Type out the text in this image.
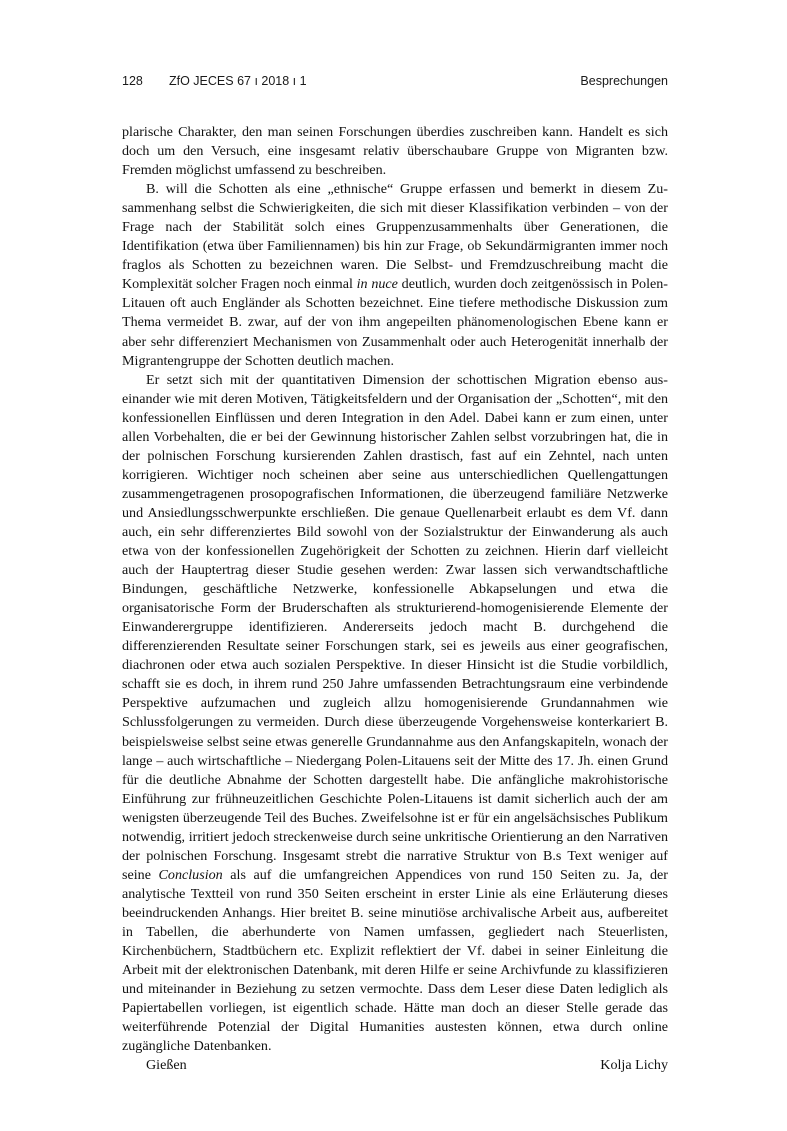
128 ZfO JECES 67 ı 2018 ı 1	Besprechungen

plarische Charakter, den man seinen Forschungen überdies zuschreiben kann. Handelt es sich doch um den Versuch, eine insgesamt relativ überschaubare Gruppe von Migranten bzw. Fremden möglichst umfassend zu beschreiben.

B. will die Schotten als eine „ethnische“ Gruppe erfassen und bemerkt in diesem Zusammenhang selbst die Schwierigkeiten, die sich mit dieser Klassifikation verbinden – von der Frage nach der Stabilität solch eines Gruppenzusammenhalts über Generationen, die Identifikation (etwa über Familiennamen) bis hin zur Frage, ob Sekundärmigranten immer noch fraglos als Schotten zu bezeichnen waren. Die Selbst- und Fremdzuschreibung macht die Komplexität solcher Fragen noch einmal in nuce deutlich, wurden doch zeitgenössisch in Polen-Litauen oft auch Engländer als Schotten bezeichnet. Eine tiefere methodische Diskussion zum Thema vermeidet B. zwar, auf der von ihm angepeilten phänomenologischen Ebene kann er aber sehr differenziert Mechanismen von Zusammenhalt oder auch Heterogenität innerhalb der Migrantengruppe der Schotten deutlich machen.

Er setzt sich mit der quantitativen Dimension der schottischen Migration ebenso auseinander wie mit deren Motiven, Tätigkeitsfeldern und der Organisation der „Schotten“, mit den konfessionellen Einflüssen und deren Integration in den Adel. Dabei kann er zum einen, unter allen Vorbehalten, die er bei der Gewinnung historischer Zahlen selbst vorzubringen hat, die in der polnischen Forschung kursierenden Zahlen drastisch, fast auf ein Zehntel, nach unten korrigieren. Wichtiger noch scheinen aber seine aus unterschiedlichen Quellengattungen zusammengetragenen prosopografischen Informationen, die überzeugend familiäre Netzwerke und Ansiedlungsschwerpunkte erschließen. Die genaue Quellenarbeit erlaubt es dem Vf. dann auch, ein sehr differenziertes Bild sowohl von der Sozialstruktur der Einwanderung als auch etwa von der konfessionellen Zugehörigkeit der Schotten zu zeichnen. Hierin darf vielleicht auch der Hauptertrag dieser Studie gesehen werden: Zwar lassen sich verwandtschaftliche Bindungen, geschäftliche Netzwerke, konfessionelle Abkapselungen und etwa die organisatorische Form der Bruderschaften als strukturierend-homogenisierende Elemente der Einwanderergruppe identifizieren. Andererseits jedoch macht B. durchgehend die differenzierenden Resultate seiner Forschungen stark, sei es jeweils aus einer geografischen, diachronen oder etwa auch sozialen Perspektive. In dieser Hinsicht ist die Studie vorbildlich, schafft sie es doch, in ihrem rund 250 Jahre umfassenden Betrachtungsraum eine verbindende Perspektive aufzumachen und zugleich allzu homogenisierende Grundannahmen wie Schlussfolgerungen zu vermeiden. Durch diese überzeugende Vorgehensweise konterkariert B. beispielsweise selbst seine etwas generelle Grundannahme aus den Anfangskapiteln, wonach der lange – auch wirtschaftliche – Niedergang Polen-Litauens seit der Mitte des 17. Jh. einen Grund für die deutliche Abnahme der Schotten dargestellt habe. Die anfängliche makrohistorische Einführung zur frühneuzeitlichen Geschichte Polen-Litauens ist damit sicherlich auch der am wenigsten überzeugende Teil des Buches. Zweifelsohne ist er für ein angelsächsisches Publikum notwendig, irritiert jedoch streckenweise durch seine unkritische Orientierung an den Narrativen der polnischen Forschung. Insgesamt strebt die narrative Struktur von B.s Text weniger auf seine Conclusion als auf die umfangreichen Appendices von rund 150 Seiten zu. Ja, der analytische Textteil von rund 350 Seiten erscheint in erster Linie als eine Erläuterung dieses beeindruckenden Anhangs. Hier breitet B. seine minutiöse archivalische Arbeit aus, aufbereitet in Tabellen, die aberhunderte von Namen umfassen, gegliedert nach Steuerlisten, Kirchenbüchern, Stadtbüchern etc. Explizit reflektiert der Vf. dabei in seiner Einleitung die Arbeit mit der elektronischen Datenbank, mit deren Hilfe er seine Archivfunde zu klassifizieren und miteinander in Beziehung zu setzen vermochte. Dass dem Leser diese Daten lediglich als Papiertabellen vorliegen, ist eigentlich schade. Hätte man doch an dieser Stelle gerade das weiterführende Potenzial der Digital Humanities austesten können, etwa durch online zugängliche Datenbanken.

Gießen	Kolja Lichy
